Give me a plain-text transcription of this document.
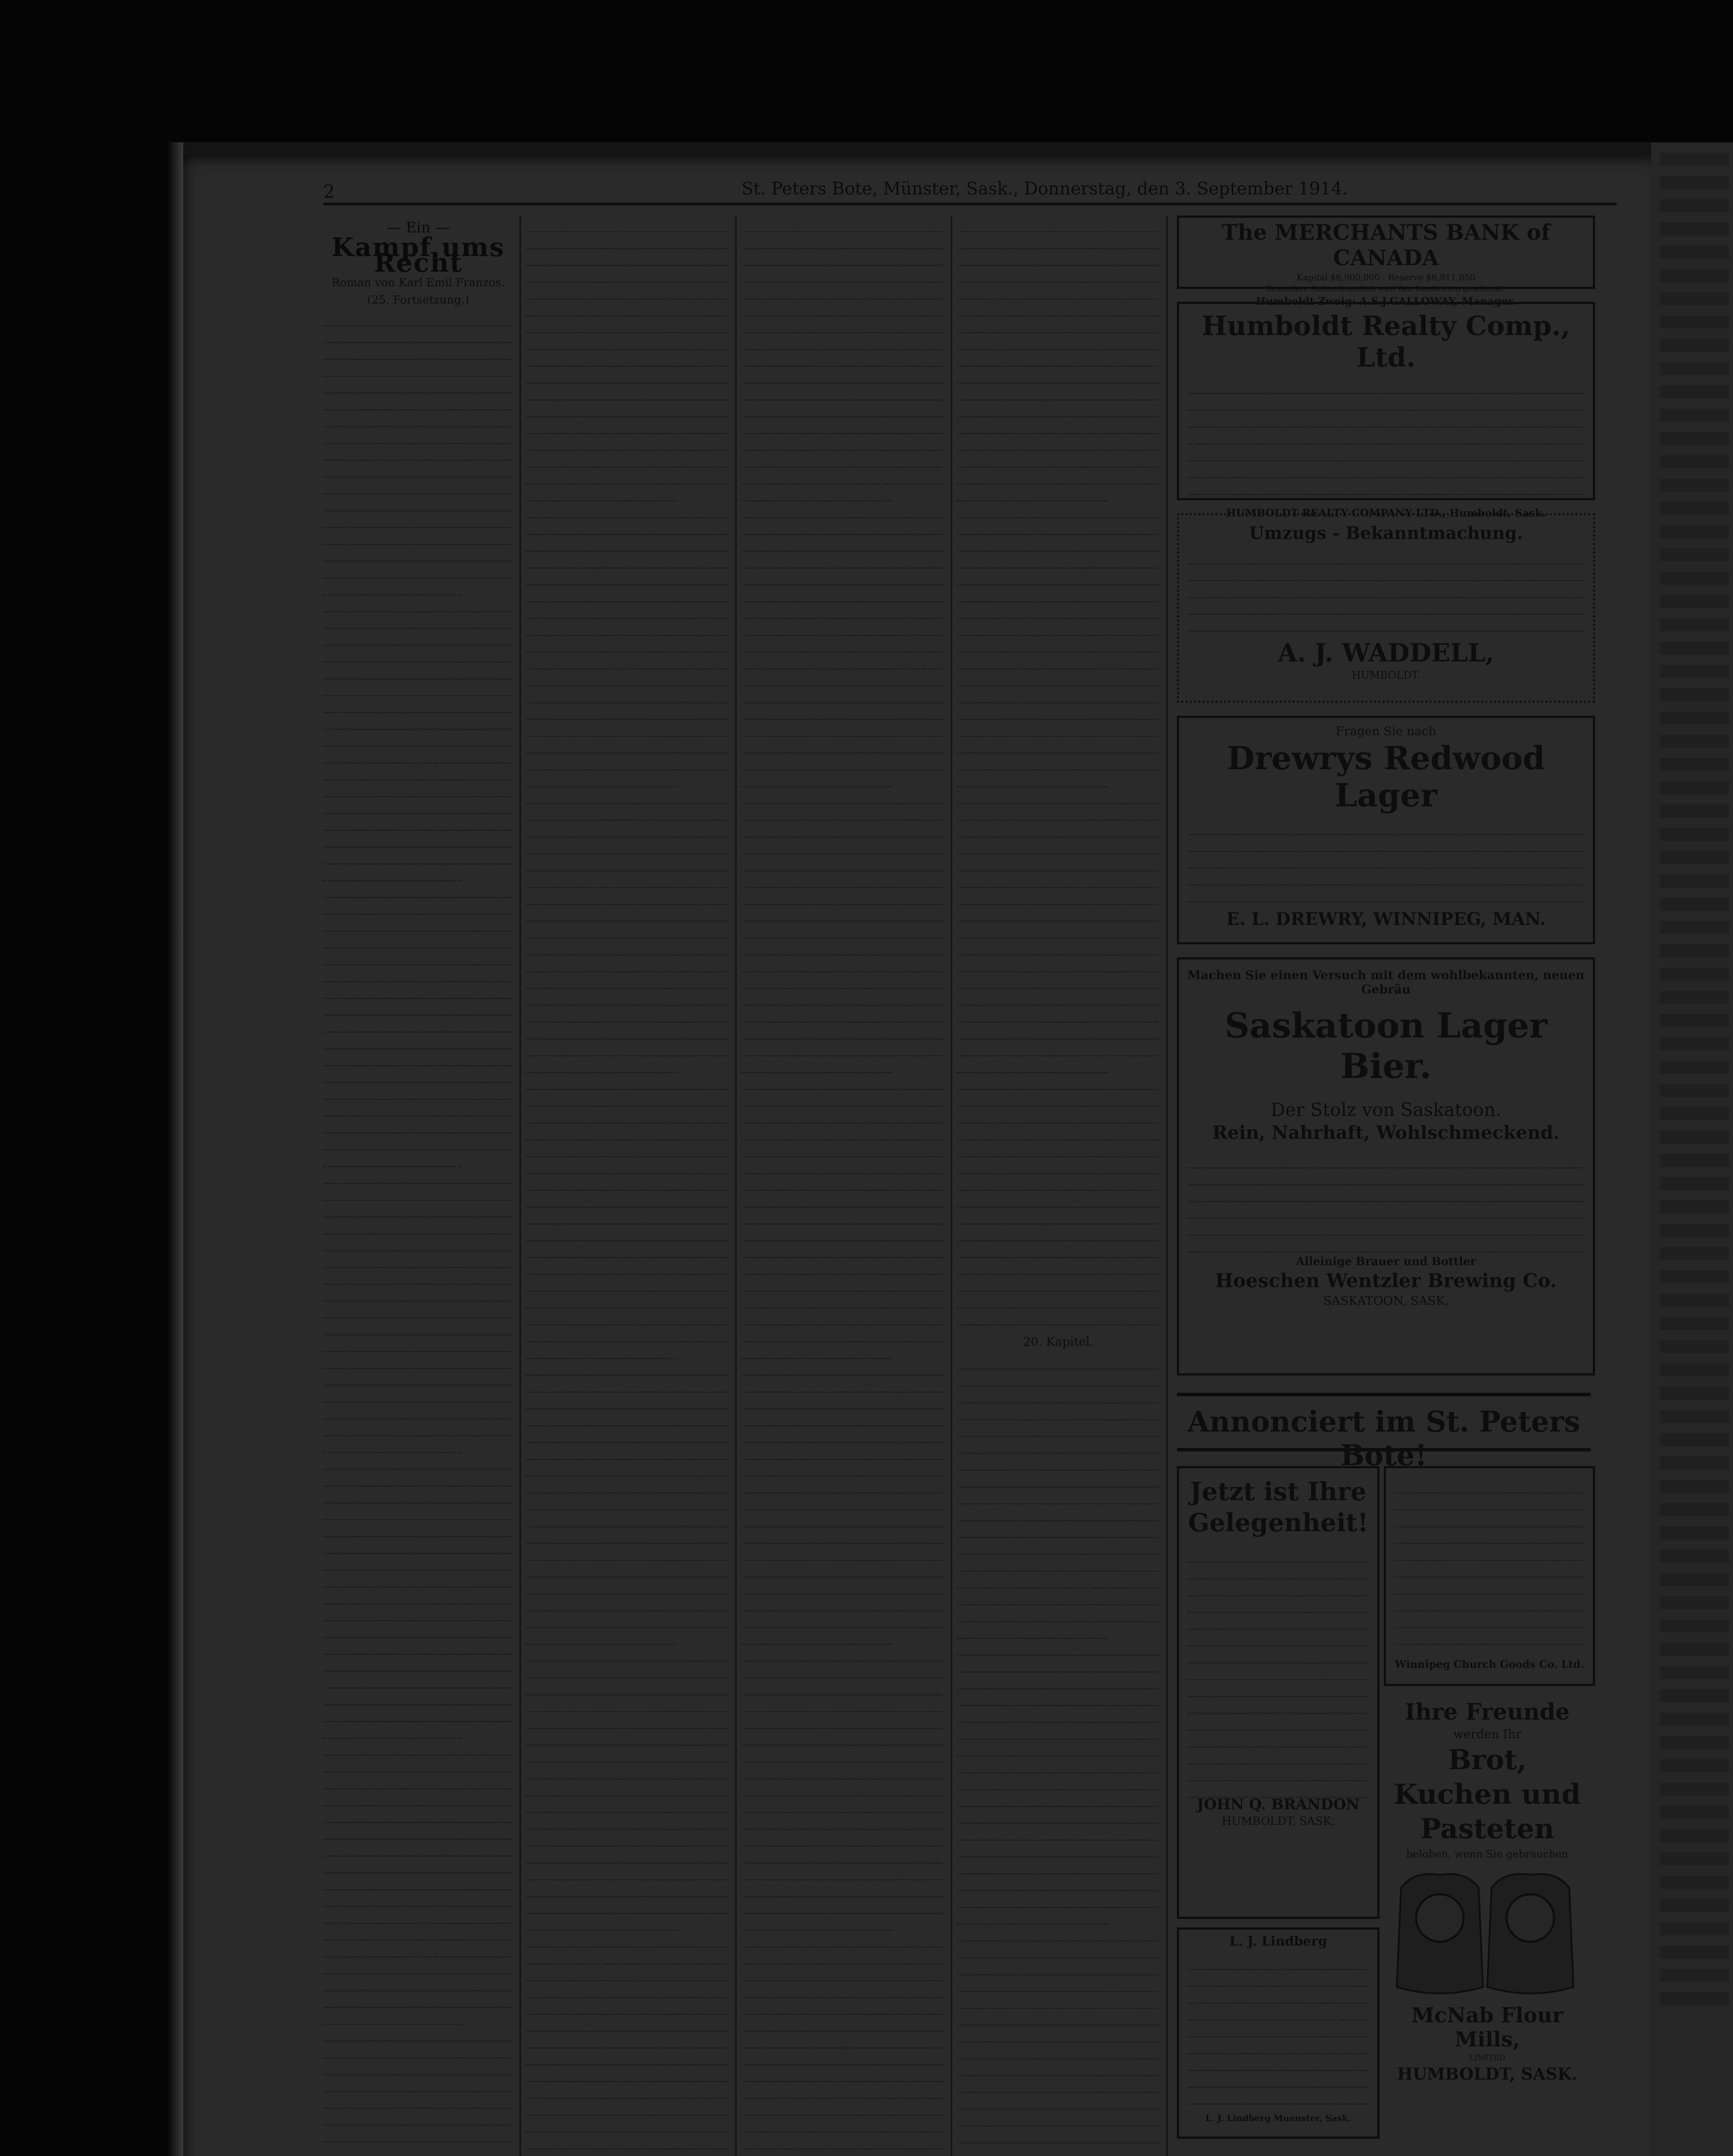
2	St. Peters Bote, Münster, Sask., Donnerstag, den 3. September 1914.
— Ein —
Kampf ums Recht
Roman von Karl Emil Franzos.
(25. Fortsetzung.)
20. Kapitel.

The MERCHANTS BANK of CANADA

Kapital $6,900,000 Reserve $6,911,050

Besondere Aufmerksamkeit wird den Landwirten geschenkt.

Humboldt Zweig: A.S.J.GALLOWAY, Manager.

Humboldt Realty Comp., Ltd.

HUMBOLDT REALTY COMPANY LTD., Humboldt, Sask.

Umzugs - Bekanntmachung.

A. J. WADDELL,

HUMBOLDT.

Fragen Sie nach

Drewrys Redwood Lager

E. L. DREWRY, WINNIPEG, MAN.

Machen Sie einen Versuch mit dem wohlbekannten, neuen Gebräu

Saskatoon Lager Bier.

Der Stolz von Saskatoon.

Rein, Nahrhaft, Wohlschmeckend.

Alleinige Brauer und Bottler

Hoeschen Wentzler Brewing Co.

SASKATOON, SASK.

Annonciert im St. Peters Bote!

Jetzt ist Ihre

Gelegenheit!

JOHN Q. BRANDON

HUMBOLDT, SASK.

Winnipeg Church Goods Co. Ltd.

L. J. Lindberg

L. J. Lindberg Muenster, Sask.

Ihre Freunde

werden Ihr

Brot, Kuchen und Pasteten

beloben, wenn Sie gebrauchen

McNab Flour Mills,

LIMITED

HUMBOLDT, SASK.
